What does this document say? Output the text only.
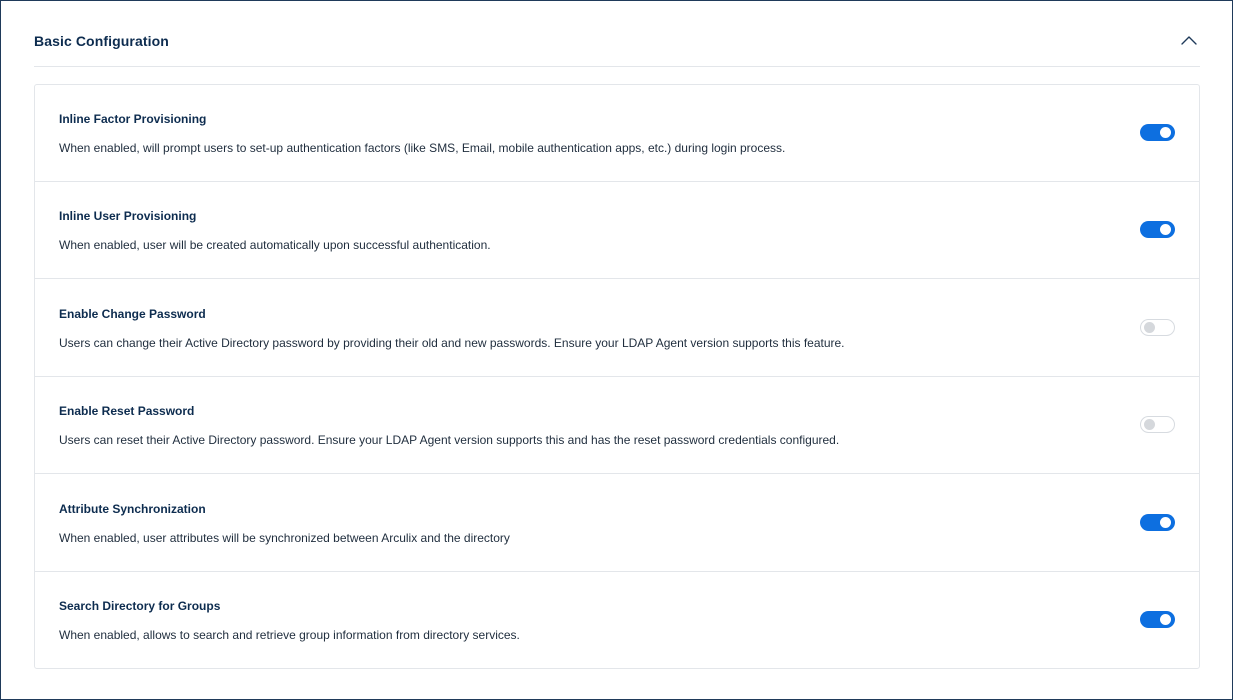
Basic Configuration
Inline Factor Provisioning
When enabled, will prompt users to set-up authentication factors (like SMS, Email, mobile authentication apps, etc.) during login process.
Inline User Provisioning
When enabled, user will be created automatically upon successful authentication.
Enable Change Password
Users can change their Active Directory password by providing their old and new passwords. Ensure your LDAP Agent version supports this feature.
Enable Reset Password
Users can reset their Active Directory password. Ensure your LDAP Agent version supports this and has the reset password credentials configured.
Attribute Synchronization
When enabled, user attributes will be synchronized between Arculix and the directory
Search Directory for Groups
When enabled, allows to search and retrieve group information from directory services.
